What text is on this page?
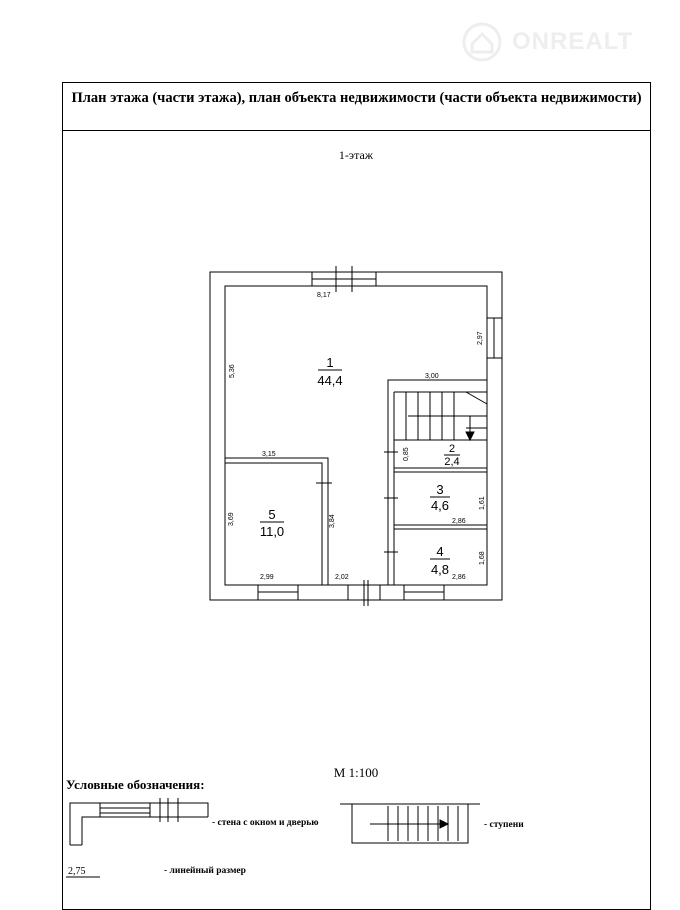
ONREALT
План этажа (части этажа), план объекта недвижимости (части объекта недвижимости)
1-этаж
1
44,4
2
2,4
3
4,6
4
4,8
5
11,0
8,17
2,97
5,36	3,00
3,15
3,69	3,84
2,99	2,02
0,85
1,61
2,86
1,68
2,86
М 1:100
Условные обозначения:
- стена с окном и дверью	- ступени
2,75	- линейный размер
